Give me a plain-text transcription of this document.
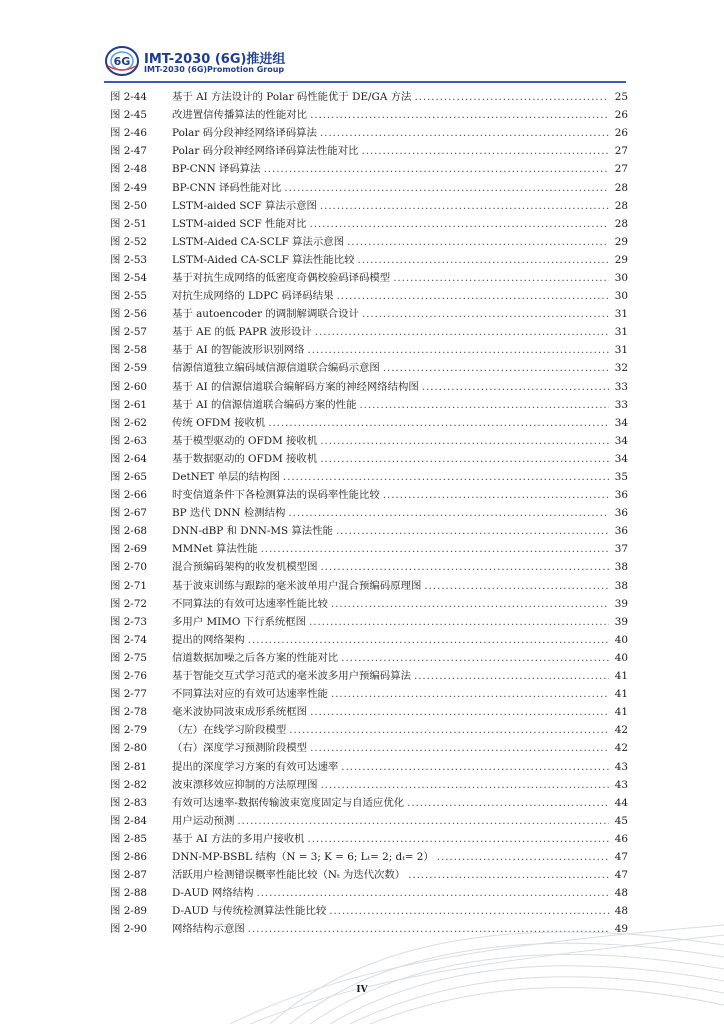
6G IMT-2030 (6G)推进组
IMT-2030 (6G)Promotion Group
图 2-44	基于 AI 方法设计的 Polar 码性能优于 DE/GA 方法 . . .	25
图 2-45	改进置信传播算法的性能对比 . . .	26
图 2-46	Polar 码分段神经网络译码算法 . . .	26
图 2-47	Polar 码分段神经网络译码算法性能对比 . . .	27
图 2-48	BP-CNN 译码算法 . . .	27
图 2-49	BP-CNN 译码性能对比 . . .	28
图 2-50	LSTM-aided SCF 算法示意图 . . .	28
图 2-51	LSTM-aided SCF 性能对比 . . .	28
图 2-52	LSTM-Aided CA-SCLF 算法示意图 . . .	29
图 2-53	LSTM-Aided CA-SCLF 算法性能比较 . . .	29
图 2-54	基于对抗生成网络的低密度奇偶校验码译码模型 . . .	30
图 2-55	对抗生成网络的 LDPC 码译码结果 . . .	30
图 2-56	基于 autoencoder 的调制解调联合设计 . . .	31
图 2-57	基于 AE 的低 PAPR 波形设计 . . .	31
图 2-58	基于 AI 的智能波形识别网络 . . .	31
图 2-59	信源信道独立编码域信源信道联合编码示意图 . . .	32
图 2-60	基于 AI 的信源信道联合编解码方案的神经网络结构图 . . .	33
图 2-61	基于 AI 的信源信道联合编码方案的性能 . . .	33
图 2-62	传统 OFDM 接收机 . . .	34
图 2-63	基于模型驱动的 OFDM 接收机 . . .	34
图 2-64	基于数据驱动的 OFDM 接收机 . . .	34
图 2-65	DetNET 单层的结构图 . . .	35
图 2-66	时变信道条件下各检测算法的误码率性能比较 . . .	36
图 2-67	BP 迭代 DNN 检测结构 . . .	36
图 2-68	DNN-dBP 和 DNN-MS 算法性能 . . .	36
图 2-69	MMNet 算法性能 . . .	37
图 2-70	混合预编码架构的收发机模型图 . . .	38
图 2-71	基于波束训练与跟踪的毫米波单用户混合预编码原理图 . . .	38
图 2-72	不同算法的有效可达速率性能比较 . . .	39
图 2-73	多用户 MIMO 下行系统框图 . . .	39
图 2-74	提出的网络架构 . . .	40
图 2-75	信道数据加噪之后各方案的性能对比 . . .	40
图 2-76	基于智能交互式学习范式的毫米波多用户预编码算法 . . .	41
图 2-77	不同算法对应的有效可达速率性能 . . .	41
图 2-78	毫米波协同波束成形系统框图 . . .	41
图 2-79	（左）在线学习阶段模型 . . .	42
图 2-80	（右）深度学习预测阶段模型 . . .	42
图 2-81	提出的深度学习方案的有效可达速率 . . .	43
图 2-82	波束漂移效应抑制的方法原理图 . . .	43
图 2-83	有效可达速率-数据传输波束宽度固定与自适应优化 . . .	44
图 2-84	用户运动预测 . . .	45
图 2-85	基于 AI 方法的多用户接收机 . . .	46
图 2-86	DNN-MP-BSBL 结构（N = 3; K = 6; Lₜ= 2; dₜ= 2） . . .	47
图 2-87	活跃用户检测错误概率性能比较（Nₜ 为迭代次数） . . .	47
图 2-88	D-AUD 网络结构 . . .	48
图 2-89	D-AUD 与传统检测算法性能比较 . . .	48
图 2-90	网络结构示意图 . . .	49
IV
